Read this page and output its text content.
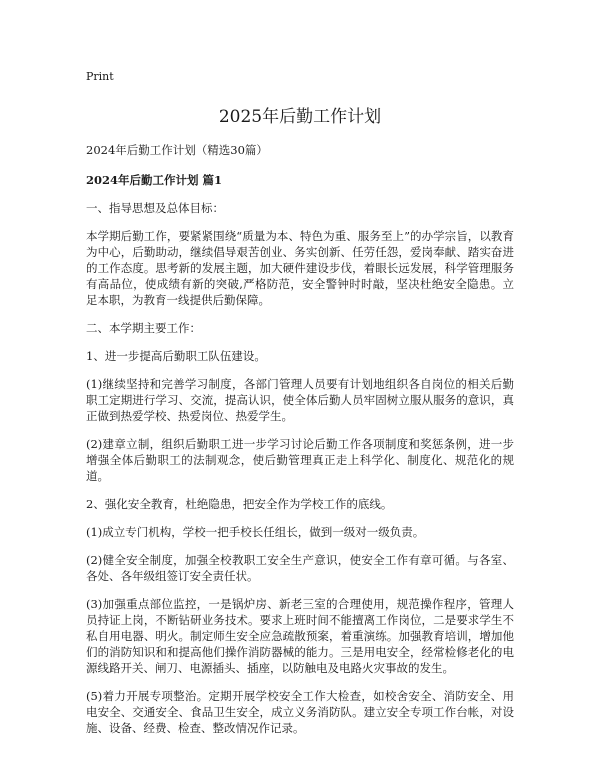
Print
2025年后勤工作计划
2024年后勤工作计划（精选30篇）
2024年后勤工作计划 篇1

一、指导思想及总体目标：

本学期后勤工作，要紧紧围绕“质量为本、特色为重、服务至上”的办学宗旨，以教育为中心，后勤助动，继续倡导艰苦创业、务实创新、任劳任怨，爱岗奉献、踏实奋进的工作态度。思考新的发展主题，加大硬件建设步伐，着眼长远发展，科学管理服务有高品位，使成绩有新的突破,严格防范，安全警钟时时敲，坚决杜绝安全隐患。立足本职，为教育一线提供后勤保障。

二、本学期主要工作：

1、进一步提高后勤职工队伍建设。

(1)继续坚持和完善学习制度，各部门管理人员要有计划地组织各自岗位的相关后勤职工定期进行学习、交流，提高认识，使全体后勤人员牢固树立服从服务的意识，真正做到热爱学校、热爱岗位、热爱学生。

(2)建章立制，组织后勤职工进一步学习讨论后勤工作各项制度和奖惩条例，进一步增强全体后勤职工的法制观念，使后勤管理真正走上科学化、制度化、规范化的规道。

2、强化安全教育，杜绝隐患，把安全作为学校工作的底线。

(1)成立专门机构，学校一把手校长任组长，做到一级对一级负责。

(2)健全安全制度，加强全校教职工安全生产意识，使安全工作有章可循。与各室、各处、各年级组签订安全责任状。

(3)加强重点部位监控，一是锅炉房、新老三室的合理使用，规范操作程序，管理人员持证上岗，不断钻研业务技术。要求上班时间不能擅离工作岗位，二是要求学生不私自用电器、明火。制定师生安全应急疏散预案，着重演练。加强教育培训，增加他们的消防知识和和提高他们操作消防器械的能力。三是用电安全，经常检修老化的电源线路开关、闸刀、电源插头、插座，以防触电及电路火灾事故的发生。

(5)着力开展专项整治。定期开展学校安全工作大检查，如校舍安全、消防安全、用电安全、交通安全、食品卫生安全，成立义务消防队。建立安全专项工作台帐，对设施、设备、经费、检查、整改情况作记录。
